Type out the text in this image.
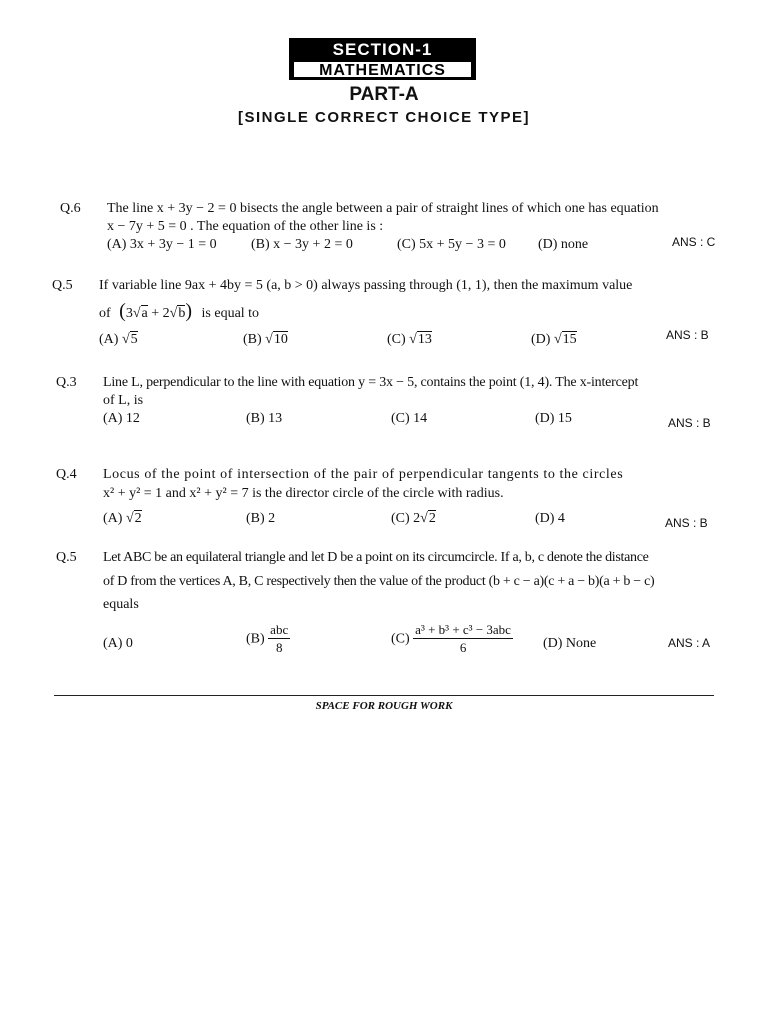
SECTION-1
MATHEMATICS
PART-A
[SINGLE CORRECT CHOICE TYPE]
Q.6 The line x + 3y − 2 = 0 bisects the angle between a pair of straight lines of which one has equation
x − 7y + 5 = 0 . The equation of the other line is :
(A) 3x + 3y − 1 = 0 (B) x − 3y + 2 = 0	(C) 5x + 5y − 3 = 0 (D) none	ANS : C
Q.5 If variable line 9ax + 4by = 5 (a, b > 0) always passing through (1, 1), then the maximum value
of (3√a + 2√b) is equal to
(A) √5	(B) √10	(C) √13	(D) √15	ANS : B
Q.3 Line L, perpendicular to the line with equation y = 3x − 5, contains the point (1, 4). The x-intercept
of L, is
(A) 12	(B) 13	(C) 14	(D) 15	ANS : B
Q.4 Locus of the point of intersection of the pair of perpendicular tangents to the circles
x² + y² = 1 and x² + y² = 7 is the director circle of the circle with radius.
(A) √2	(B) 2	(C) 2√2	(D) 4	ANS : B
Q.5 Let ABC be an equilateral triangle and let D be a point on its circumcircle. If a, b, c denote the distance
of D from the vertices A, B, C respectively then the value of the product (b + c − a)(c + a − b)(a + b − c)
equals
(A) 0	$(B) \frac{\text{abc}}{8}$	$(C) \frac{\text{a³ + b³ + c³ − 3abc}}{6} (D)$ None	ANS : A
SPACE FOR ROUGH WORK
